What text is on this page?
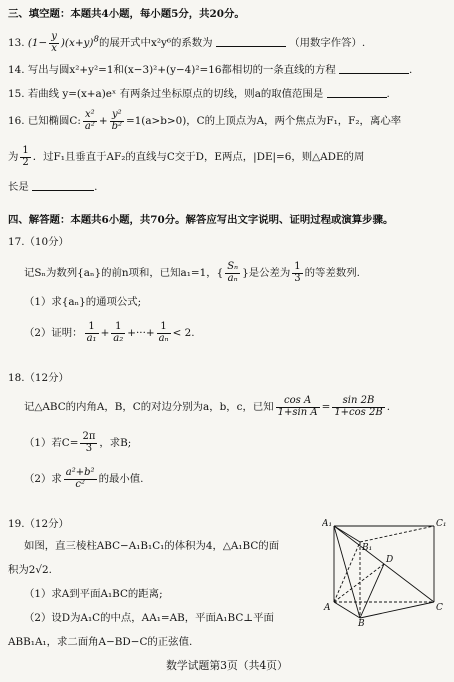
三、填空题：本题共4小题，每小题5分，共20分。
13. $(1- \frac{y}{x} )(x+y)^8$的展开式中x²y⁶的系数为	（用数字作答）.
14. 写出与圆x²+y²=1和(x−3)²+(y−4)²=16都相切的一条直线的方程	.
15. 若曲线 y=(x+a)eˣ 有两条过坐标原点的切线，则a的取值范围是	.
16. 已知椭圆C: $\frac{\text{x²}}{\text{a²}} + \frac{\text{y²}}{\text{b²}} =1(a>b>0)$，C的上顶点为A，两个焦点为F₁，F₂，离心率
为 $\frac{1}{2}$ ．过F₁且垂直于AF₂的直线与C交于D，E两点，|DE|=6，则△ADE的周
长是	.
四、解答题：本题共6小题，共70分。解答应写出文字说明、证明过程或演算步骤。
17.（10分）
记Sₙ为数列{aₙ}的前n项和，已知a₁=1，{ $\frac{\text{Sₙ}}{\text{aₙ}}$ }是公差为 $\frac{1}{3}$ 的等差数列.
（1）求{aₙ}的通项公式;
（2）证明： $\frac{1}{\text{a₁}} + \frac{1}{\text{a₂}}$ +···+ $\frac{1}{\text{aₙ}} < 2$.
18.（12分）
记△ABC的内角A，B，C的对边分别为a，b，c，已知 $\frac{\text{cos A}}{\text{1+sin A}} = \frac{\sin 2B}{1+\cos 2B}$ .
（1）若$C= \frac{2\pi}{3}$ ，求B;
（2）求 $\frac{\text{a²+b²}}{\text{c²}}$ 的最小值.
19.（12分）
如图，直三棱柱ABC−A₁B₁C₁的体积为4，△A₁BC的面
积为2√2.
（1）求A到平面A₁BC的距离;
（2）设D为A₁C的中点，AA₁=AB，平面A₁BC⊥平面
ABB₁A₁，求二面角A−BD−C的正弦值.
A₁	C₁
B₁
D
A
B
C
数学试题第3页（共4页）
